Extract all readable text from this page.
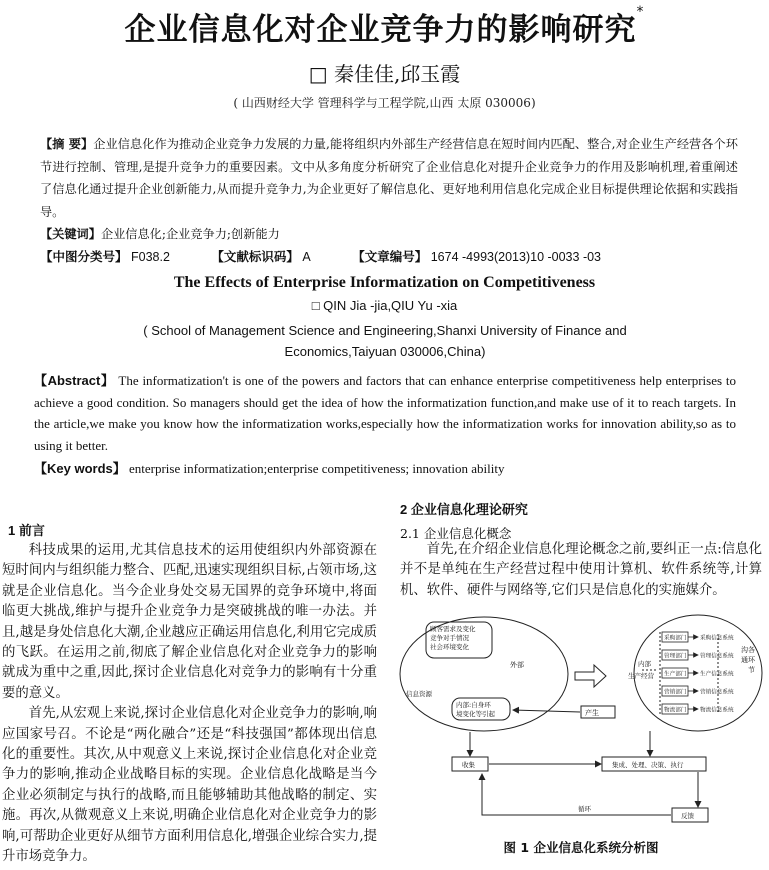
企业信息化对企业竞争力的影响研究*
□ 秦佳佳,邱玉霞
( 山西财经大学 管理科学与工程学院,山西 太原 030006)
【摘 要】企业信息化作为推动企业竞争力发展的力量,能将组织内外部生产经营信息在短时间内匹配、整合,对企业生产经营各个环节进行控制、管理,是提升竞争力的重要因素。文中从多角度分析研究了企业信息化对提升企业竞争力的作用及影响机理,着重阐述了信息化通过提升企业创新能力,从而提升竞争力,为企业更好了解信息化、更好地利用信息化完成企业目标提供理论依据和实践指导。
【关键词】企业信息化;企业竞争力;创新能力
【中图分类号】 F038.2	【文献标识码】 A	【文章编号】 1674 -4993(2013)10 -0033 -03
The Effects of Enterprise Informatization on Competitiveness
□ QIN Jia -jia,QIU Yu -xia
( School of Management Science and Engineering,Shanxi University of Finance and Economics,Taiyuan 030006,China)
【Abstract】 The informatization't is one of the powers and factors that can enhance enterprise competitiveness help enterprises to achieve a good condition. So managers should get the idea of how the informatization function,and make use of it to reach targets. In the article,we make you know how the informatization works,especially how the informatization works for innovation ability,so as to using it better.
【Key words】 enterprise informatization;enterprise competitiveness; innovation ability
1 前言

科技成果的运用,尤其信息技术的运用使组织内外部资源在短时间内与组织能力整合、匹配,迅速实现组织目标,占领市场,这就是企业信息化。当今企业身处交易无国界的竞争环境中,将面临更大挑战,维护与提升企业竞争力是突破挑战的唯一办法。并且,越是身处信息化大潮,企业越应正确运用信息化,利用它完成质的飞跃。在运用之前,彻底了解企业信息化对企业竞争力的影响就成为重中之重,因此,探讨企业信息化对竞争力的影响有十分重要的意义。

首先,从宏观上来说,探讨企业信息化对企业竞争力的影响,响应国家号召。不论是“两化融合”还是“科技强国”都体现出信息化的重要性。其次,从中观意义上来说,探讨企业信息化对企业竞争力的影响,推动企业战略目标的实现。企业信息化战略是当今企业必须制定与执行的战略,而且能够辅助其他战略的制定、实施。再次,从微观意义上来说,明确企业信息化对企业竞争力的影响,可帮助企业更好从细节方面利用信息化,增强企业综合实力,提升市场竞争力。

2 企业信息化理论研究
2.1 企业信息化概念

首先,在介绍企业信息化理论概念之前,要纠正一点:信息化并不是单纯在生产经营过程中使用计算机、软件系统等,计算机、软件、硬件与网络等,它们只是信息化的实施媒介。

采购部门 采购信息系统
管理部门 管理信息系统
生产部门 生产信息系统
营销部门 营销信息系统
物流部门 物流信息系统
顾客需求及变化
竞争对手情况
社会环境变化
外部
信息资源
内部:自身环
境变化等引起	产生
内部
生产经营
收集	集成、处理、决策、执行
循环
反馈
各
环
节
沟
通
图 1 企业信息化系统分析图
